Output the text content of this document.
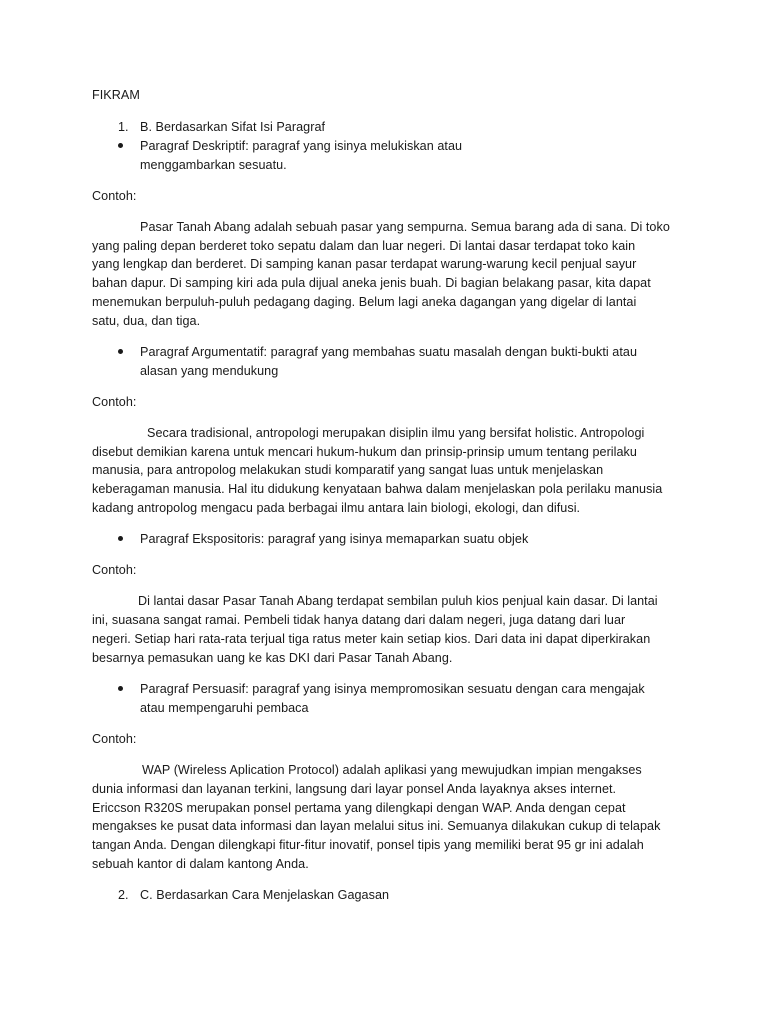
FIKRAM
1. B. Berdasarkan Sifat Isi Paragraf
Paragraf Deskriptif: paragraf yang isinya melukiskan atau
menggambarkan sesuatu.
Contoh:
Pasar Tanah Abang adalah sebuah pasar yang sempurna. Semua barang ada di sana. Di toko
yang paling depan berderet toko sepatu dalam dan luar negeri. Di lantai dasar terdapat toko kain
yang lengkap dan berderet. Di samping kanan pasar terdapat warung-warung kecil penjual sayur
bahan dapur. Di samping kiri ada pula dijual aneka jenis buah. Di bagian belakang pasar, kita dapat
menemukan berpuluh-puluh pedagang daging. Belum lagi aneka dagangan yang digelar di lantai
satu, dua, dan tiga.
Paragraf Argumentatif: paragraf yang membahas suatu masalah dengan bukti-bukti atau
alasan yang mendukung
Contoh:
Secara tradisional, antropologi merupakan disiplin ilmu yang bersifat holistic. Antropologi
disebut demikian karena untuk mencari hukum-hukum dan prinsip-prinsip umum tentang perilaku
manusia, para antropolog melakukan studi komparatif yang sangat luas untuk menjelaskan
keberagaman manusia. Hal itu didukung kenyataan bahwa dalam menjelaskan pola perilaku manusia
kadang antropolog mengacu pada berbagai ilmu antara lain biologi, ekologi, dan difusi.
Paragraf Ekspositoris: paragraf yang isinya memaparkan suatu objek
Contoh:
Di lantai dasar Pasar Tanah Abang terdapat sembilan puluh kios penjual kain dasar. Di lantai
ini, suasana sangat ramai. Pembeli tidak hanya datang dari dalam negeri, juga datang dari luar
negeri. Setiap hari rata-rata terjual tiga ratus meter kain setiap kios. Dari data ini dapat diperkirakan
besarnya pemasukan uang ke kas DKI dari Pasar Tanah Abang.
Paragraf Persuasif: paragraf yang isinya mempromosikan sesuatu dengan cara mengajak
atau mempengaruhi pembaca
Contoh:
WAP (Wireless Aplication Protocol) adalah aplikasi yang mewujudkan impian mengakses
dunia informasi dan layanan terkini, langsung dari layar ponsel Anda layaknya akses internet.
Ericcson R320S merupakan ponsel pertama yang dilengkapi dengan WAP. Anda dengan cepat
mengakses ke pusat data informasi dan layan melalui situs ini. Semuanya dilakukan cukup di telapak
tangan Anda. Dengan dilengkapi fitur-fitur inovatif, ponsel tipis yang memiliki berat 95 gr ini adalah
sebuah kantor di dalam kantong Anda.
2. C. Berdasarkan Cara Menjelaskan Gagasan
